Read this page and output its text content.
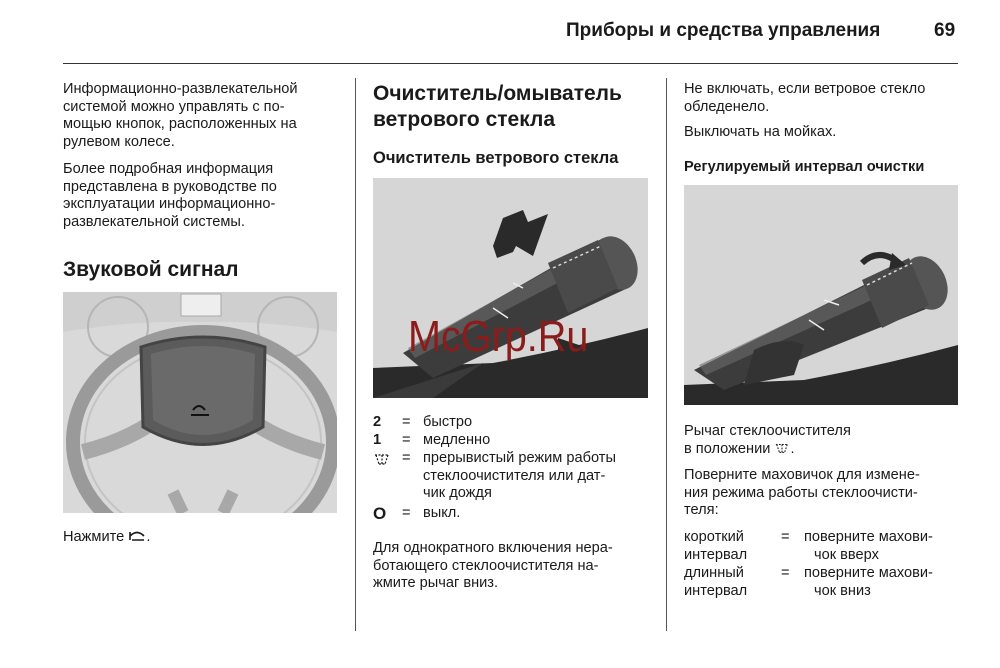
Приборы и средства управления	69
Информационно-развлекательной
системой можно управлять с по-
мощью кнопок, расположенных на
рулевом колесе.
Более подробная информация
представлена в руководстве по
эксплуатации информационно-
развлекательной системы.
Звуковой сигнал
Нажмите .
Очиститель/омыватель
ветрового стекла
Очиститель ветрового стекла
2 = быстро
1 = медленно
= прерывистый режим работы
стеклоочистителя или дат-
чик дождя
O = выкл.
Для однократного включения нера-
ботающего стеклоочистителя на-
жмите рычаг вниз.
Не включать, если ветровое стекло
обледенело.
Выключать на мойках.
Регулируемый интервал очистки
Рычаг стеклоочистителя
в положении .
Поверните маховичок для измене-
ния режима работы стеклоочисти-
теля:
короткий
интервал
= поверните махови-
чок вверх
длинный
интервал
= поверните махови-
чок вниз
McGrp.Ru
